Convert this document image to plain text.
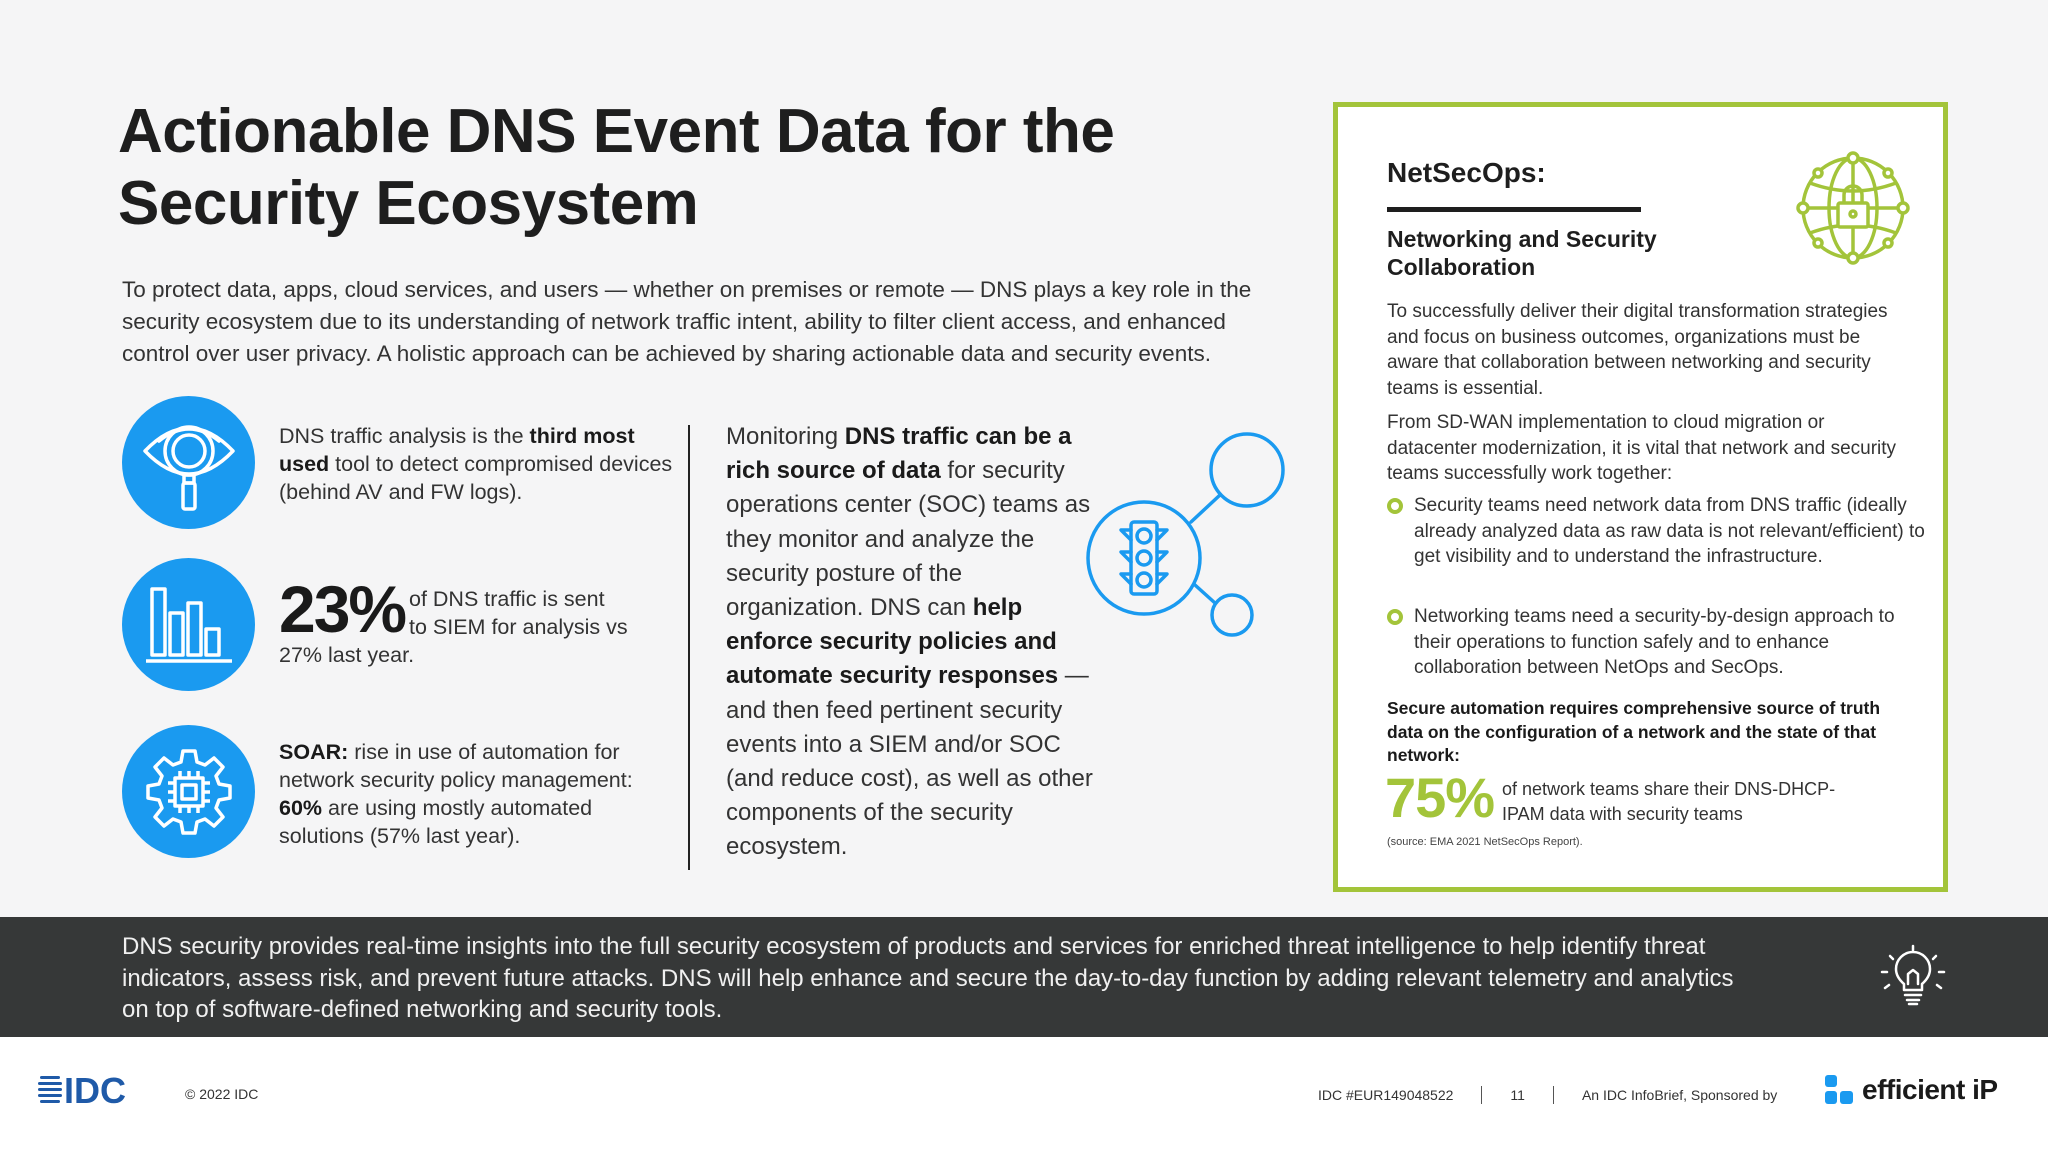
Actionable DNS Event Data for the
Security Ecosystem
To protect data, apps, cloud services, and users — whether on premises or remote — DNS plays a key role in the security ecosystem due to its understanding of network traffic intent, ability to filter client access, and enhanced control over user privacy. A holistic approach can be achieved by sharing actionable data and security events.
DNS traffic analysis is the third most used tool to detect compromised devices (behind AV and FW logs).
23% of DNS traffic is sent
to SIEM for analysis vs
27% last year.
SOAR: rise in use of automation for network security policy management: 60% are using mostly automated solutions (57% last year).
Monitoring DNS traffic can be a rich source of data for security operations center (SOC) teams as they monitor and analyze the security posture of the organization. DNS can help enforce security policies and automate security responses — and then feed pertinent security events into a SIEM and/or SOC (and reduce cost), as well as other components of the security ecosystem.
NetSecOps:
Networking and Security Collaboration
To successfully deliver their digital transformation strategies and focus on business outcomes, organizations must be aware that collaboration between networking and security teams is essential.
From SD-WAN implementation to cloud migration or datacenter modernization, it is vital that network and security teams successfully work together:
Security teams need network data from DNS traffic (ideally already analyzed data as raw data is not relevant/efficient) to get visibility and to understand the infrastructure.
Networking teams need a security-by-design approach to their operations to function safely and to enhance collaboration between NetOps and SecOps.
Secure automation requires comprehensive source of truth data on the configuration of a network and the state of that network:
75% of network teams share their DNS-DHCP-IPAM data with security teams
(source: EMA 2021 NetSecOps Report).
DNS security provides real-time insights into the full security ecosystem of products and services for enriched threat intelligence to help identify threat indicators, assess risk, and prevent future attacks. DNS will help enhance and secure the day-to-day function by adding relevant telemetry and analytics on top of software-defined networking and security tools.
IDC	© 2022 IDC	IDC #EUR149048522	11	An IDC InfoBrief, Sponsored by	efficient iP
